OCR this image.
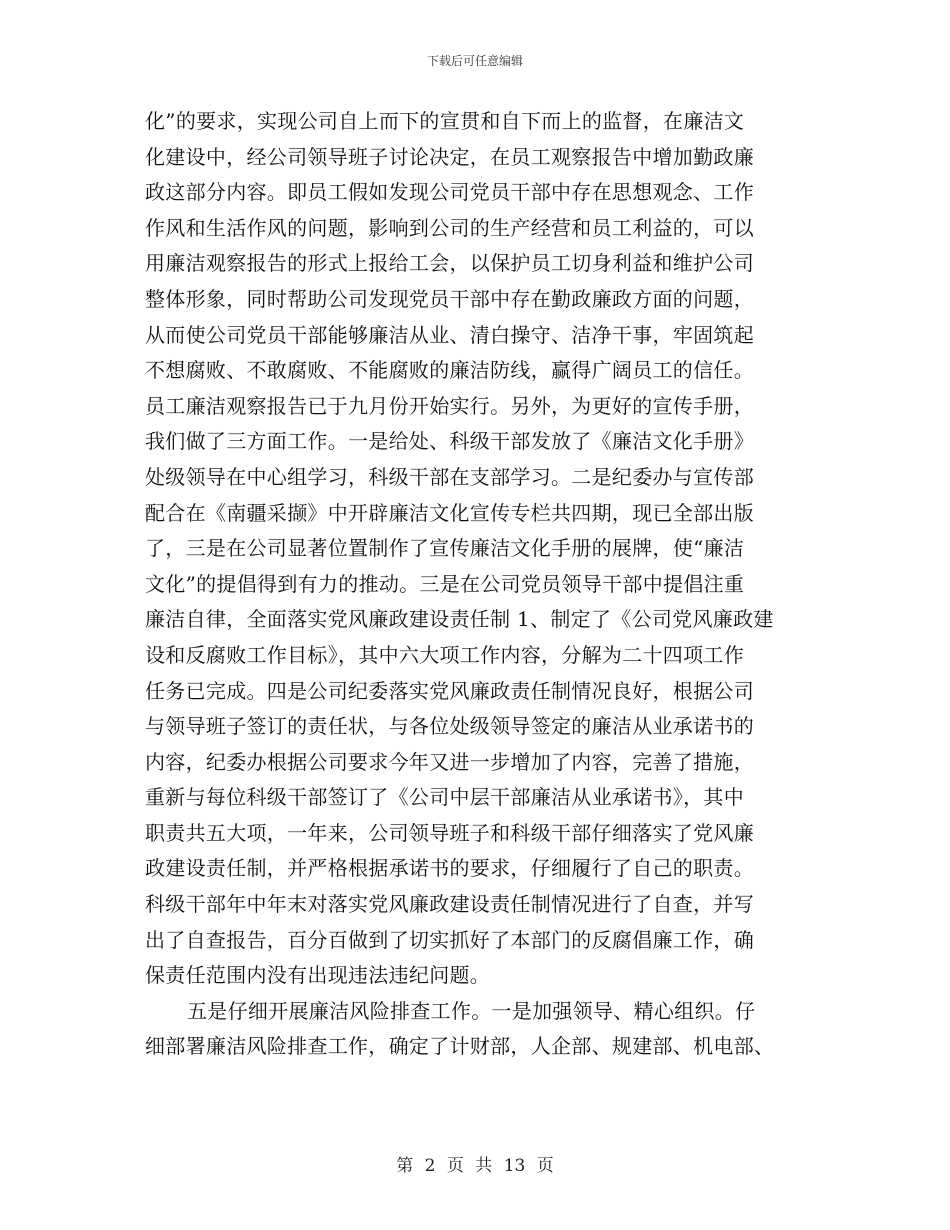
下载后可任意编辑
化”的要求，实现公司自上而下的宣贯和自下而上的监督，在廉洁文
化建设中，经公司领导班子讨论决定，在员工观察报告中增加勤政廉
政这部分内容。即员工假如发现公司党员干部中存在思想观念、工作
作风和生活作风的问题，影响到公司的生产经营和员工利益的，可以
用廉洁观察报告的形式上报给工会，以保护员工切身利益和维护公司
整体形象，同时帮助公司发现党员干部中存在勤政廉政方面的问题，
从而使公司党员干部能够廉洁从业、清白操守、洁净干事，牢固筑起
不想腐败、不敢腐败、不能腐败的廉洁防线，赢得广阔员工的信任。
员工廉洁观察报告已于九月份开始实行。另外，为更好的宣传手册，
我们做了三方面工作。一是给处、科级干部发放了《廉洁文化手册》
处级领导在中心组学习，科级干部在支部学习。二是纪委办与宣传部
配合在《南疆采撷》中开辟廉洁文化宣传专栏共四期，现已全部出版
了，三是在公司显著位置制作了宣传廉洁文化手册的展牌，使“廉洁
文化”的提倡得到有力的推动。三是在公司党员领导干部中提倡注重
廉洁自律，全面落实党风廉政建设责任制 1、制定了《公司党风廉政建
设和反腐败工作目标》，其中六大项工作内容，分解为二十四项工作
任务已完成。四是公司纪委落实党风廉政责任制情况良好，根据公司
与领导班子签订的责任状，与各位处级领导签定的廉洁从业承诺书的
内容，纪委办根据公司要求今年又进一步增加了内容，完善了措施，
重新与每位科级干部签订了《公司中层干部廉洁从业承诺书》，其中
职责共五大项，一年来，公司领导班子和科级干部仔细落实了党风廉
政建设责任制，并严格根据承诺书的要求，仔细履行了自己的职责。
科级干部年中年末对落实党风廉政建设责任制情况进行了自查，并写
出了自查报告，百分百做到了切实抓好了本部门的反腐倡廉工作，确
保责任范围内没有出现违法违纪问题。
五是仔细开展廉洁风险排查工作。一是加强领导、精心组织。仔
细部署廉洁风险排查工作，确定了计财部，人企部、规建部、机电部、
第 2 页 共 13 页
